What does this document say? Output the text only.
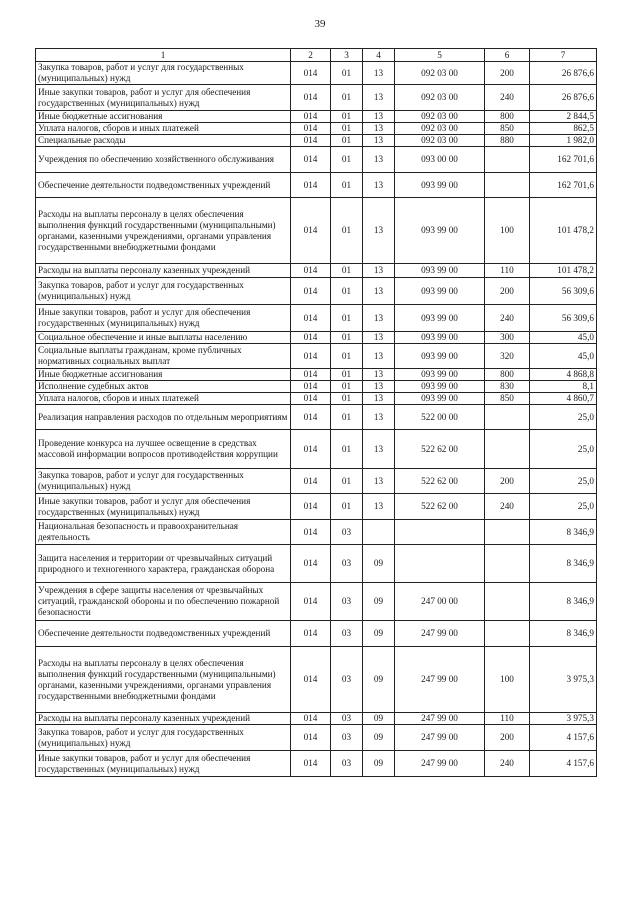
39
1	2	3	4	5	6	7
Закупка товаров, работ и услуг для государственных (муниципальных) нужд	014	01	13	092 03 00	200	26 876,6
Иные закупки товаров, работ и услуг для обеспечения государственных (муниципальных) нужд	014	01	13	092 03 00	240	26 876,6
Иные бюджетные ассигнования	014	01	13	092 03 00	800	2 844,5
Уплата налогов, сборов и иных платежей	014	01	13	092 03 00	850	862,5
Специальные расходы	014	01	13	092 03 00	880	1 982,0
Учреждения по обеспечению хозяйственного обслуживания	014	01	13	093 00 00		162 701,6
Обеспечение деятельности подведомственных учреждений	014	01	13	093 99 00		162 701,6
Расходы на выплаты персоналу в целях обеспечения выполнения функций государственными (муниципальными) органами, казенными учреждениями, органами управления государственными внебюджетными фондами	014	01	13	093 99 00	100	101 478,2
Расходы на выплаты персоналу казенных учреждений	014	01	13	093 99 00	110	101 478,2
Закупка товаров, работ и услуг для государственных (муниципальных) нужд	014	01	13	093 99 00	200	56 309,6
Иные закупки товаров, работ и услуг для обеспечения государственных (муниципальных) нужд	014	01	13	093 99 00	240	56 309,6
Социальное обеспечение и иные выплаты населению	014	01	13	093 99 00	300	45,0
Социальные выплаты гражданам, кроме публичных нормативных социальных выплат	014	01	13	093 99 00	320	45,0
Иные бюджетные ассигнования	014	01	13	093 99 00	800	4 868,8
Исполнение судебных актов	014	01	13	093 99 00	830	8,1
Уплата налогов, сборов и иных платежей	014	01	13	093 99 00	850	4 860,7
Реализация направления расходов по отдельным мероприятиям	014	01	13	522 00 00		25,0
Проведение конкурса на лучшее освещение в средствах массовой информации вопросов противодействия коррупции	014	01	13	522 62 00		25,0
Закупка товаров, работ и услуг для государственных (муниципальных) нужд	014	01	13	522 62 00	200	25,0
Иные закупки товаров, работ и услуг для обеспечения государственных (муниципальных) нужд	014	01	13	522 62 00	240	25,0
Национальная безопасность и правоохранительная деятельность	014	03				8 346,9
Защита населения и территории от чрезвычайных ситуаций природного и техногенного характера, гражданская оборона	014	03	09			8 346,9
Учреждения в сфере защиты населения от чрезвычайных ситуаций, гражданской обороны и по обеспечению пожарной безопасности	014	03	09	247 00 00		8 346,9
Обеспечение деятельности подведомственных учреждений	014	03	09	247 99 00		8 346,9
Расходы на выплаты персоналу в целях обеспечения выполнения функций государственными (муниципальными) органами, казенными учреждениями, органами управления государственными внебюджетными фондами	014	03	09	247 99 00	100	3 975,3
Расходы на выплаты персоналу казенных учреждений	014	03	09	247 99 00	110	3 975,3
Закупка товаров, работ и услуг для государственных (муниципальных) нужд	014	03	09	247 99 00	200	4 157,6
Иные закупки товаров, работ и услуг для обеспечения государственных (муниципальных) нужд	014	03	09	247 99 00	240	4 157,6
